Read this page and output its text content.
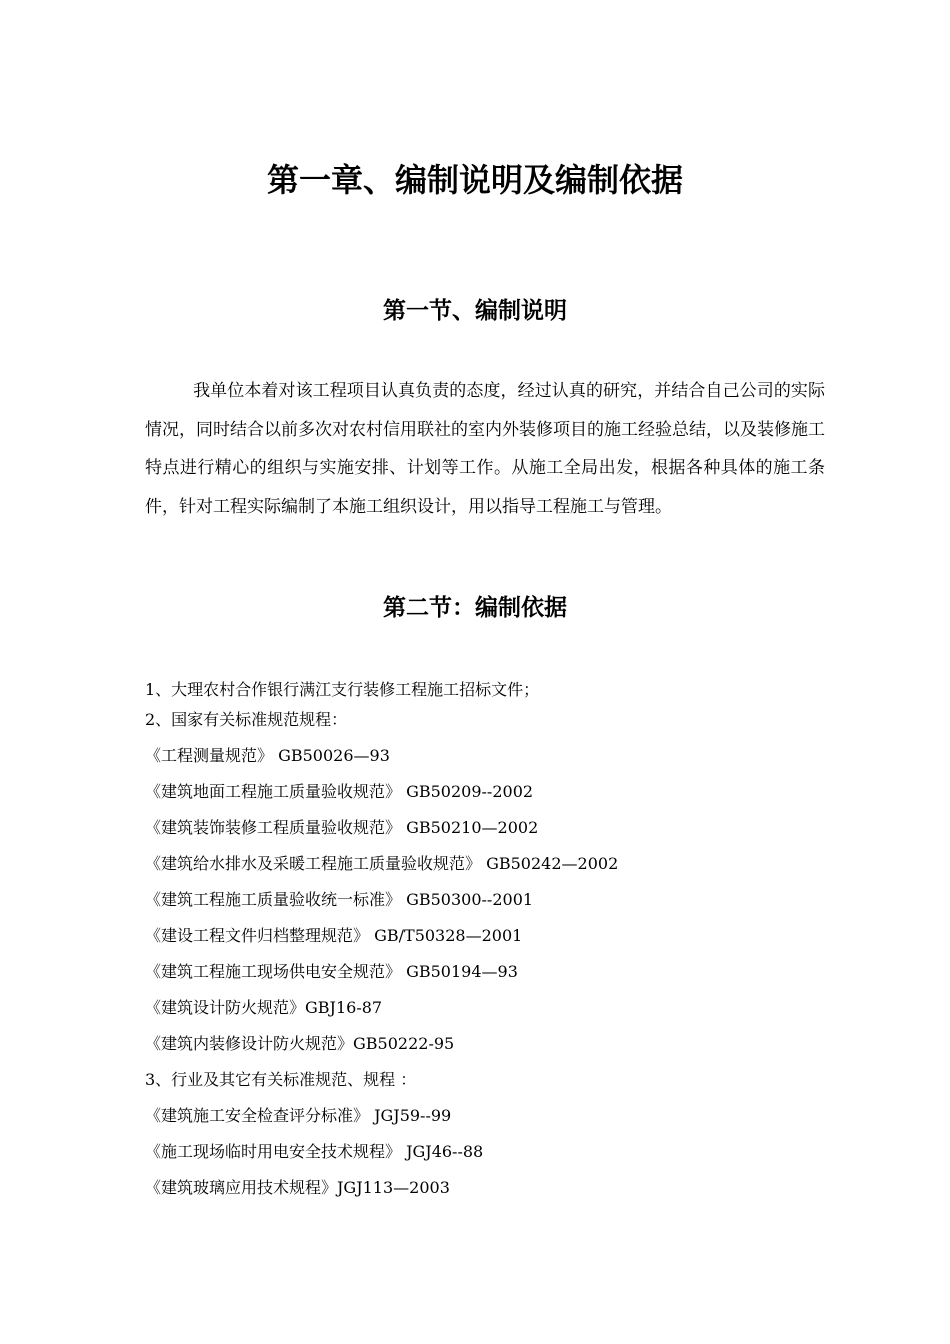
第一章、编制说明及编制依据
第一节、编制说明

我单位本着对该工程项目认真负责的态度，经过认真的研究，并结合自己公司的实际情况，同时结合以前多次对农村信用联社的室内外装修项目的施工经验总结，以及装修施工特点进行精心的组织与实施安排、计划等工作。从施工全局出发，根据各种具体的施工条件，针对工程实际编制了本施工组织设计，用以指导工程施工与管理。

第二节：编制依据
1、大理农村合作银行满江支行装修工程施工招标文件；
2、国家有关标准规范规程：
《工程测量规范》 GB50026—93
《建筑地面工程施工质量验收规范》 GB50209--2002
《建筑装饰装修工程质量验收规范》 GB50210—2002
《建筑给水排水及采暖工程施工质量验收规范》 GB50242—2002
《建筑工程施工质量验收统一标准》 GB50300--2001
《建设工程文件归档整理规范》 GB/T50328—2001
《建筑工程施工现场供电安全规范》 GB50194—93
《建筑设计防火规范》GBJ16-87
《建筑内装修设计防火规范》GB50222-95
3、行业及其它有关标准规范、规程 ：
《建筑施工安全检查评分标准》 JGJ59--99
《施工现场临时用电安全技术规程》 JGJ46--88
《建筑玻璃应用技术规程》JGJ113—2003
